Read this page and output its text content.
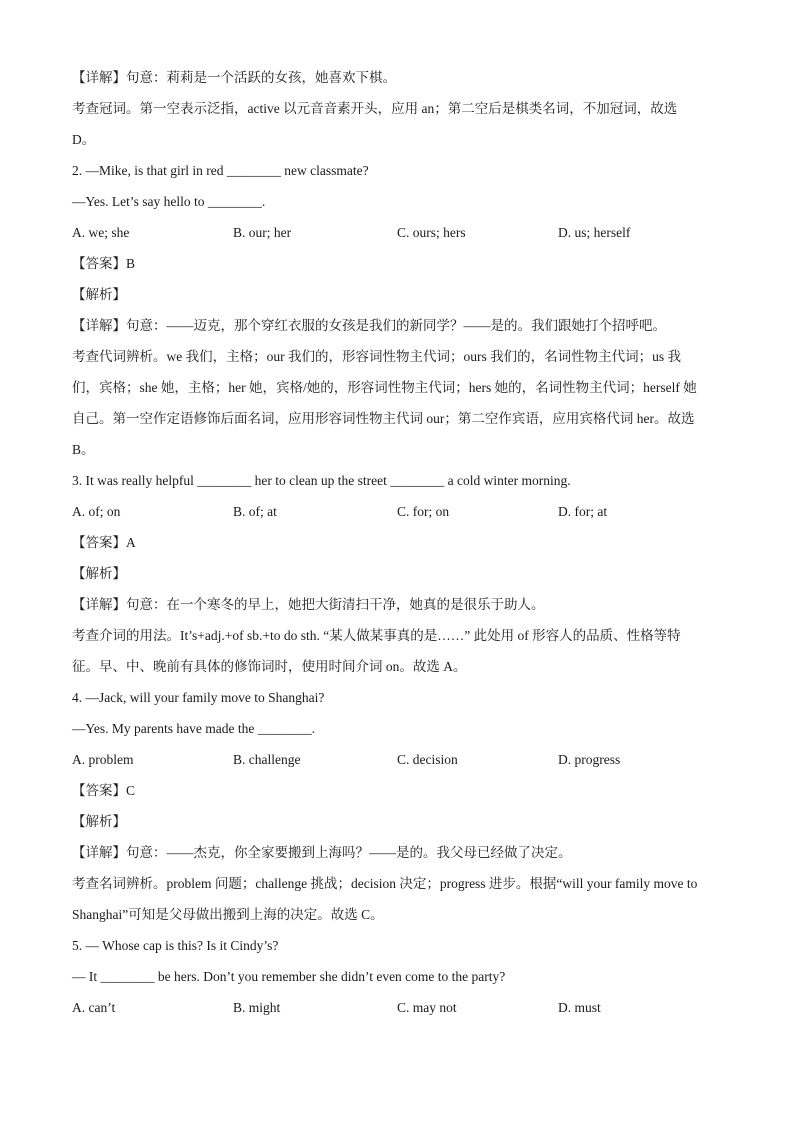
【详解】句意：莉莉是一个活跃的女孩，她喜欢下棋。
考查冠词。第一空表示泛指，active 以元音音素开头，应用 an；第二空后是棋类名词，不加冠词，故选
D。
2. —Mike, is that girl in red ________ new classmate?
—Yes. Let’s say hello to ________.
A. we; she	B. our; her	C. ours; hers	D. us; herself
【答案】B
【解析】
【详解】句意：——迈克，那个穿红衣服的女孩是我们的新同学？——是的。我们跟她打个招呼吧。
考查代词辨析。we 我们，主格；our 我们的，形容词性物主代词；ours 我们的，名词性物主代词；us 我
们，宾格；she 她，主格；her 她，宾格/她的，形容词性物主代词；hers 她的，名词性物主代词；herself 她
自己。第一空作定语修饰后面名词，应用形容词性物主代词 our；第二空作宾语，应用宾格代词 her。故选
B。
3. It was really helpful ________ her to clean up the street ________ a cold winter morning.
A. of; on	B. of; at	C. for; on	D. for; at
【答案】A
【解析】
【详解】句意：在一个寒冬的早上，她把大街清扫干净，她真的是很乐于助人。
考查介词的用法。It’s+adj.+of sb.+to do sth. “某人做某事真的是……” 此处用 of 形容人的品质、性格等特
征。早、中、晚前有具体的修饰词时，使用时间介词 on。故选 A。
4. —Jack, will your family move to Shanghai?
—Yes. My parents have made the ________.
A. problem	B. challenge	C. decision	D. progress
【答案】C
【解析】
【详解】句意：——杰克，你全家要搬到上海吗？——是的。我父母已经做了决定。
考查名词辨析。problem 问题；challenge 挑战；decision 决定；progress 进步。根据“will your family move to
Shanghai”可知是父母做出搬到上海的决定。故选 C。
5. — Whose cap is this? Is it Cindy’s?
— It ________ be hers. Don’t you remember she didn’t even come to the party?
A. can’t	B. might	C. may not	D. must
